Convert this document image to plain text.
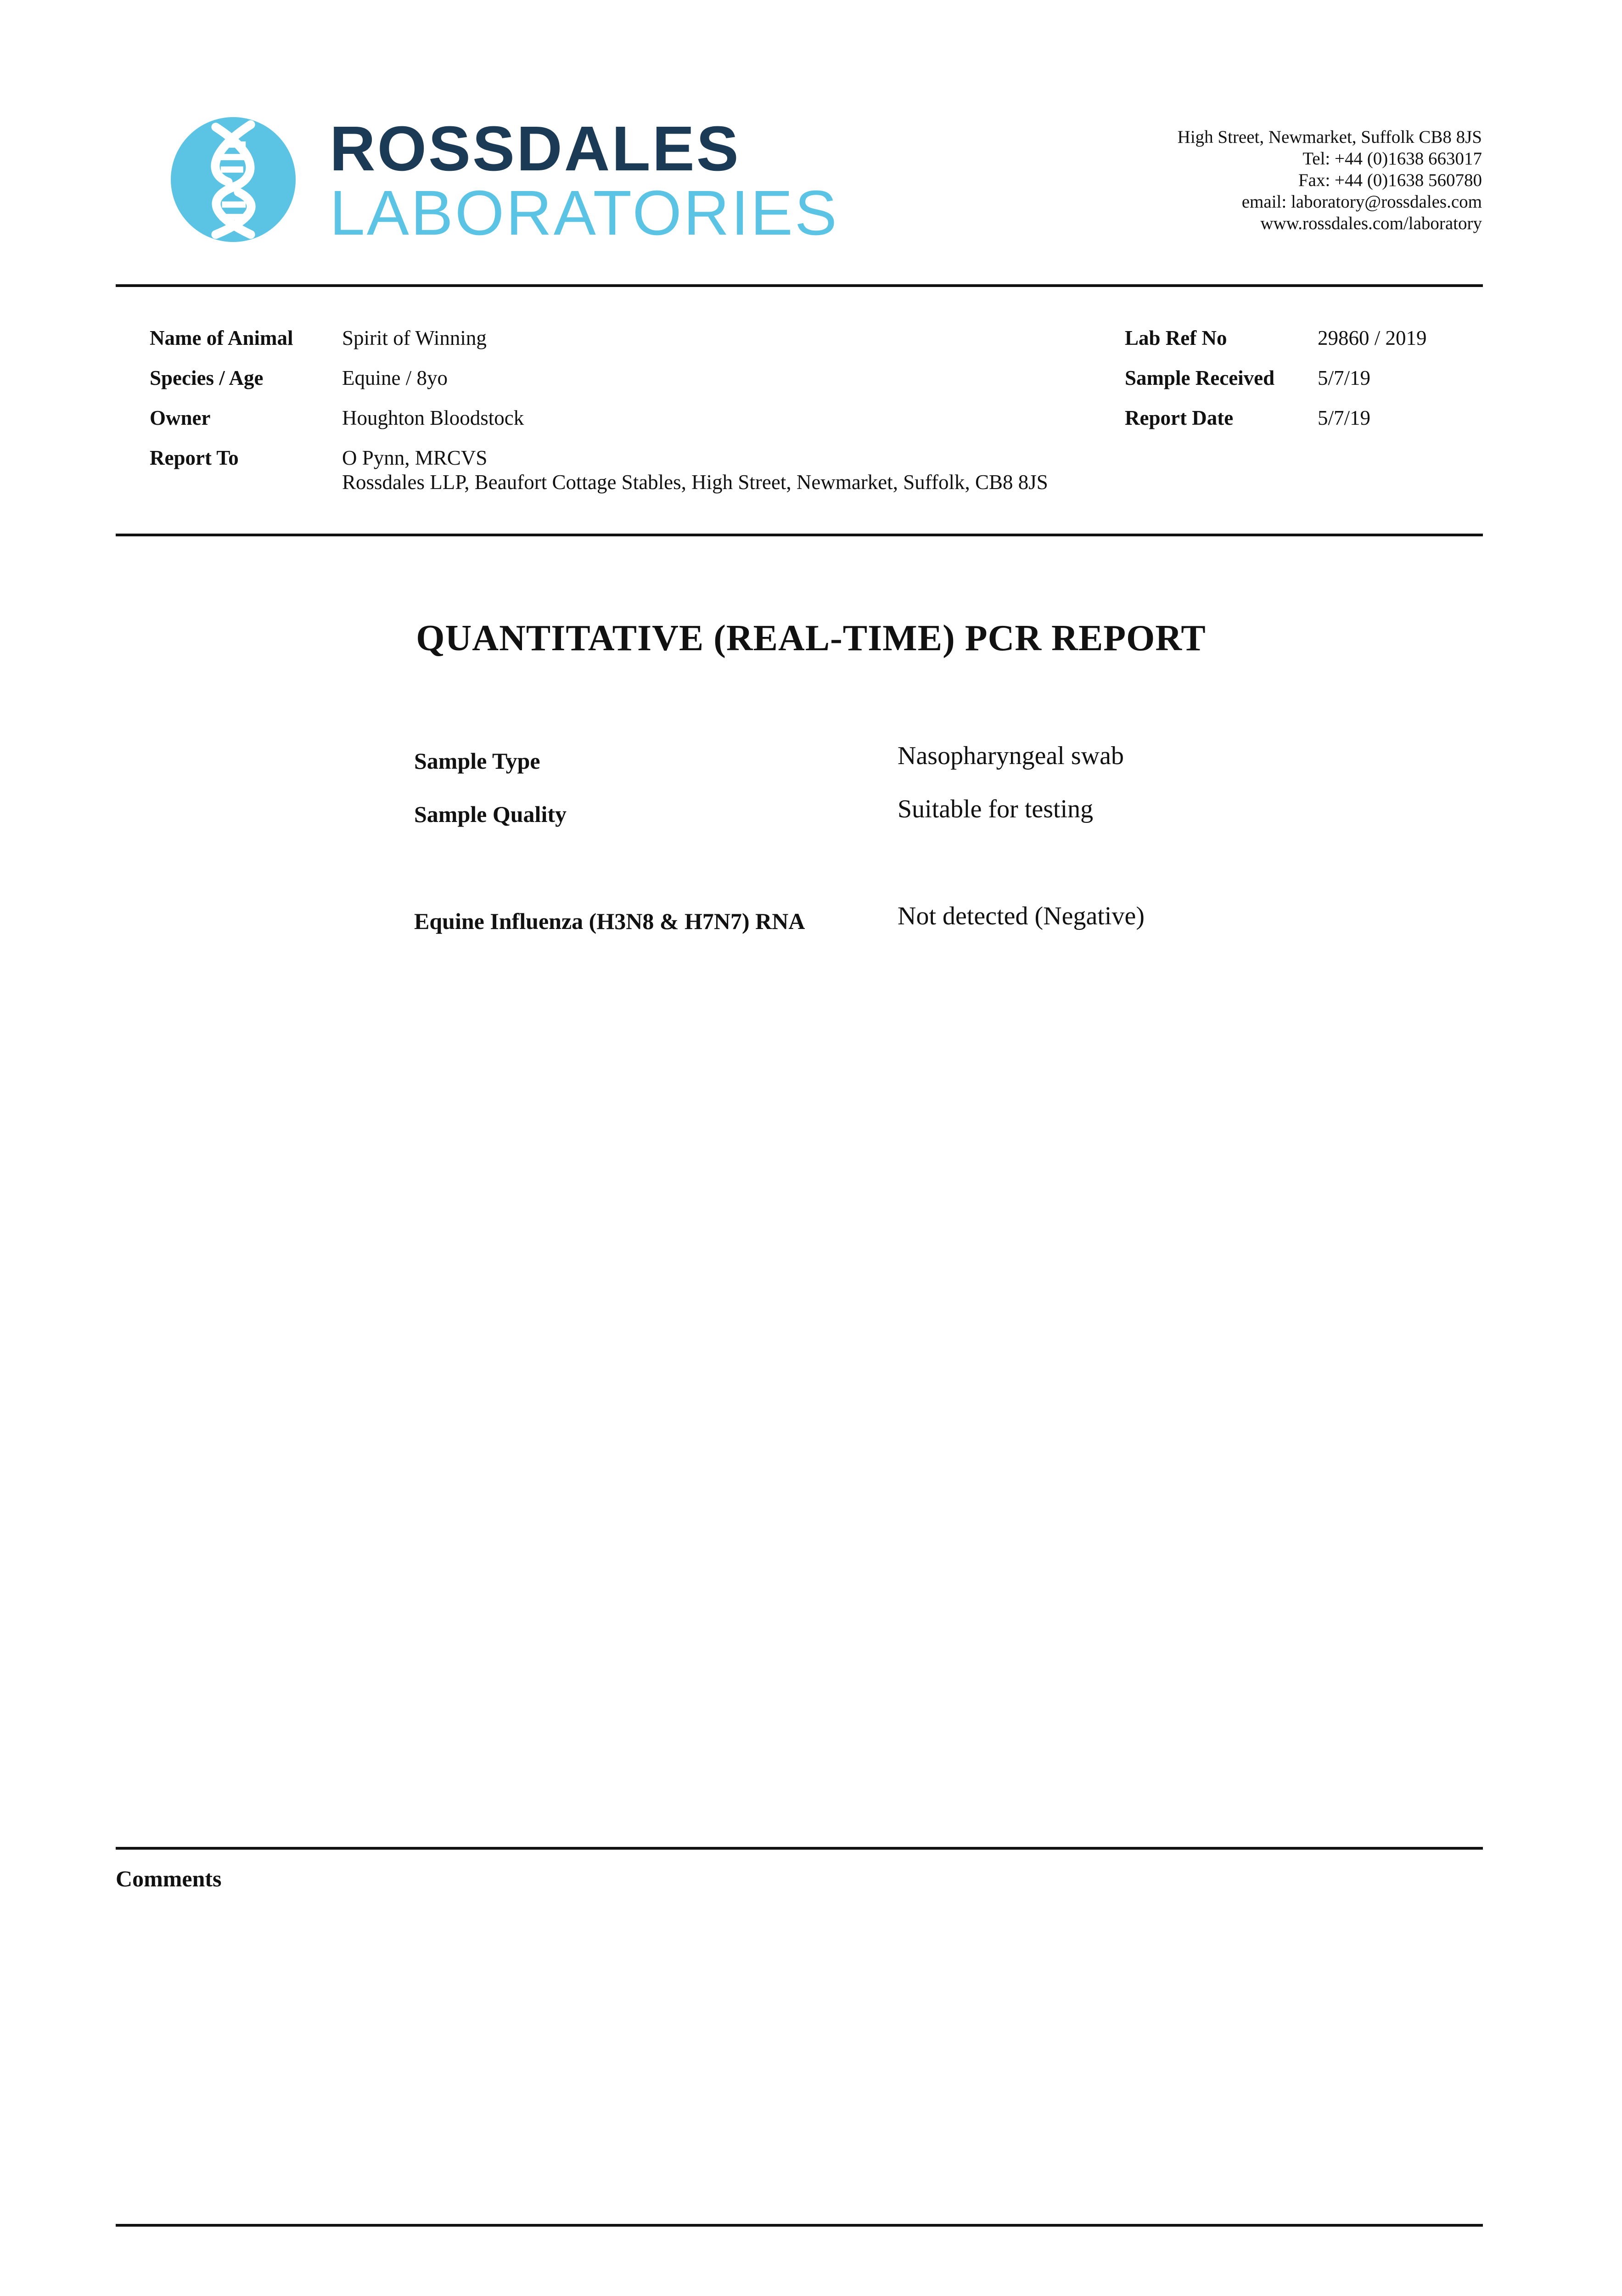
ROSSDALES
LABORATORIES
High Street, Newmarket, Suffolk CB8 8JS
Tel: +44 (0)1638 663017
Fax: +44 (0)1638 560780
email: laboratory@rossdales.com
www.rossdales.com/laboratory
Name of Animal Spirit of Winning
Species / Age	Equine / 8yo
Owner	Houghton Bloodstock
Report To	O Pynn, MRCVS
Rossdales LLP, Beaufort Cottage Stables, High Street, Newmarket, Suffolk, CB8 8JS
Lab Ref No	29860 / 2019
Sample Received 5/7/19
Report Date	5/7/19
QUANTITATIVE (REAL-TIME) PCR REPORT
Sample Type	Nasopharyngeal swab
Sample Quality	Suitable for testing
Equine Influenza (H3N8 & H7N7) RNA	Not detected (Negative)
Comments
